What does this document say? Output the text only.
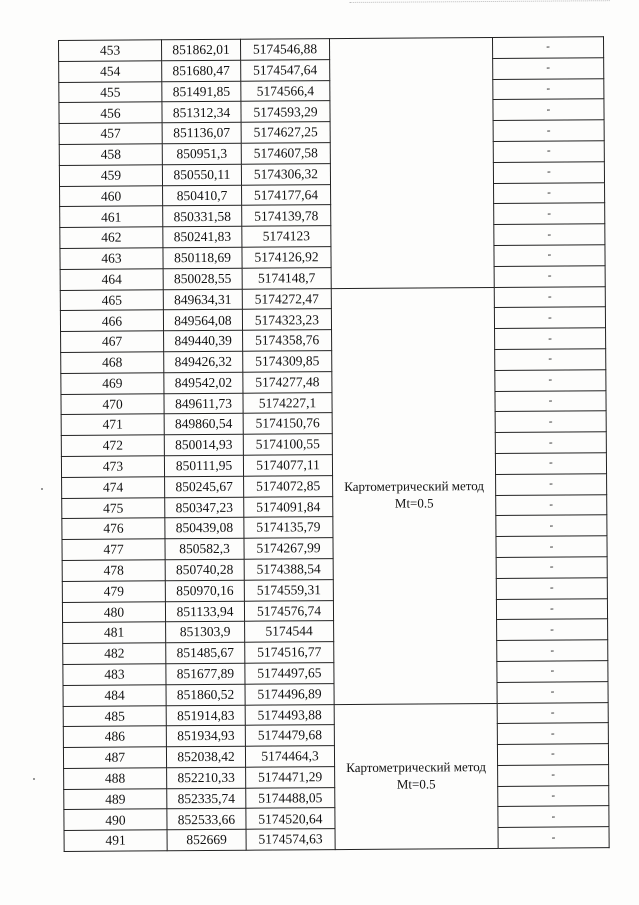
453	851862,01	5174546,88		-
454	851680,47	5174547,64		-
455	851491,85	5174566,4		-
456	851312,34	5174593,29		-
457	851136,07	5174627,25		-
458	850951,3	5174607,58		-
459	850550,11	5174306,32		-
460	850410,7	5174177,64		-
461	850331,58	5174139,78		-
462	850241,83	5174123		-
463	850118,69	5174126,92		-
464	850028,55	5174148,7		-
465	849634,31	5174272,47	Картометрический метод Mt=0.5	-
466	849564,08	5174323,23		-
467	849440,39	5174358,76		-
468	849426,32	5174309,85		-
469	849542,02	5174277,48		-
470	849611,73	5174227,1		-
471	849860,54	5174150,76		-
472	850014,93	5174100,55		-
473	850111,95	5174077,11		-
474	850245,67	5174072,85		-
475	850347,23	5174091,84		-
476	850439,08	5174135,79		-
477	850582,3	5174267,99		-
478	850740,28	5174388,54		-
479	850970,16	5174559,31		-
480	851133,94	5174576,74		-
481	851303,9	5174544		-
482	851485,67	5174516,77		-
483	851677,89	5174497,65		-
484	851860,52	5174496,89		-
485	851914,83	5174493,88	Картометрический метод Mt=0.5	-
486	851934,93	5174479,68		-
487	852038,42	5174464,3		-
488	852210,33	5174471,29		-
489	852335,74	5174488,05		-
490	852533,66	5174520,64		-
491	852669	5174574,63		-
